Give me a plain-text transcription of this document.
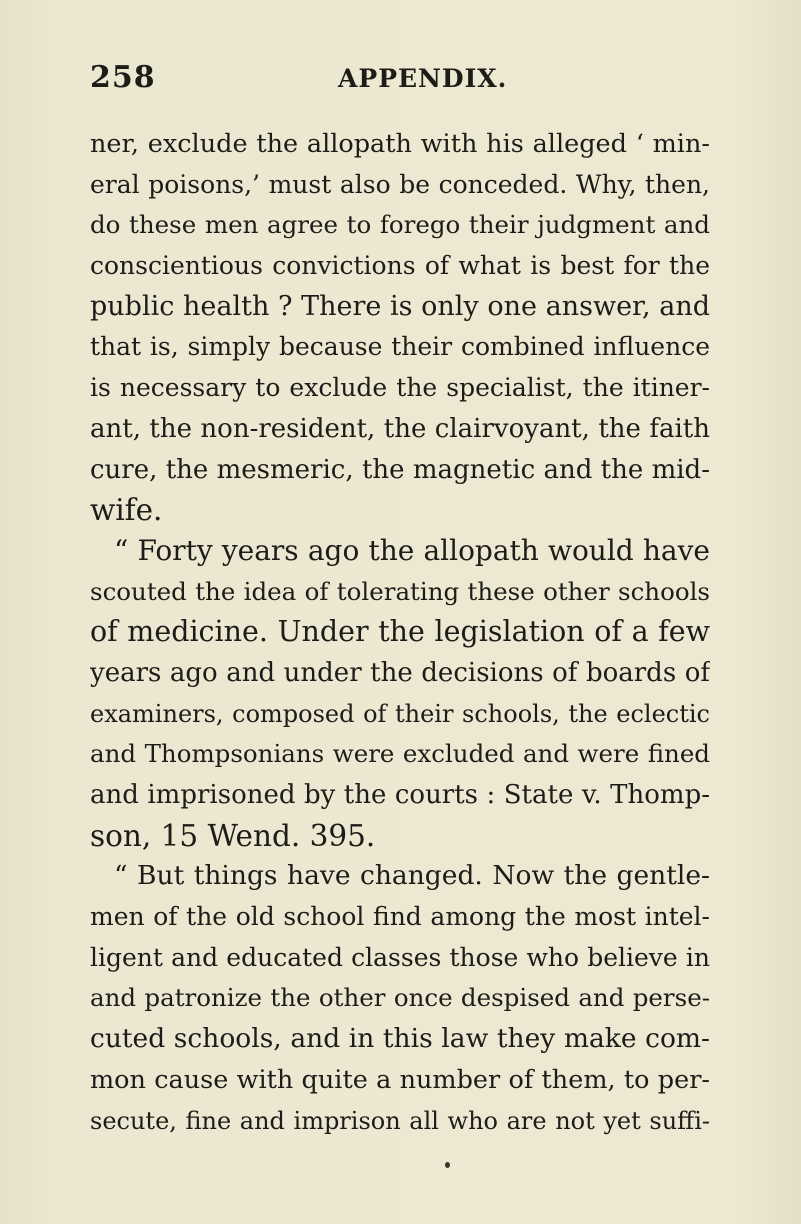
258	APPENDIX.
ner, exclude the allopath with his alleged ‘ min-
eral poisons,’ must also be conceded. Why, then,
do these men agree to forego their judgment and
conscientious convictions of what is best for the
public health ? There is only one answer, and
that is, simply because their combined influence
is necessary to exclude the specialist, the itiner-
ant, the non-resident, the clairvoyant, the faith
cure, the mesmeric, the magnetic and the mid-
wife.
“ Forty years ago the allopath would have
scouted the idea of tolerating these other schools
of medicine. Under the legislation of a few
years ago and under the decisions of boards of
examiners, composed of their schools, the eclectic
and Thompsonians were excluded and were fined
and imprisoned by the courts : State v. Thomp-
son, 15 Wend. 395.
“ But things have changed. Now the gentle-
men of the old school find among the most intel-
ligent and educated classes those who believe in
and patronize the other once despised and perse-
cuted schools, and in this law they make com-
mon cause with quite a number of them, to per-
secute, fine and imprison all who are not yet suffi-
